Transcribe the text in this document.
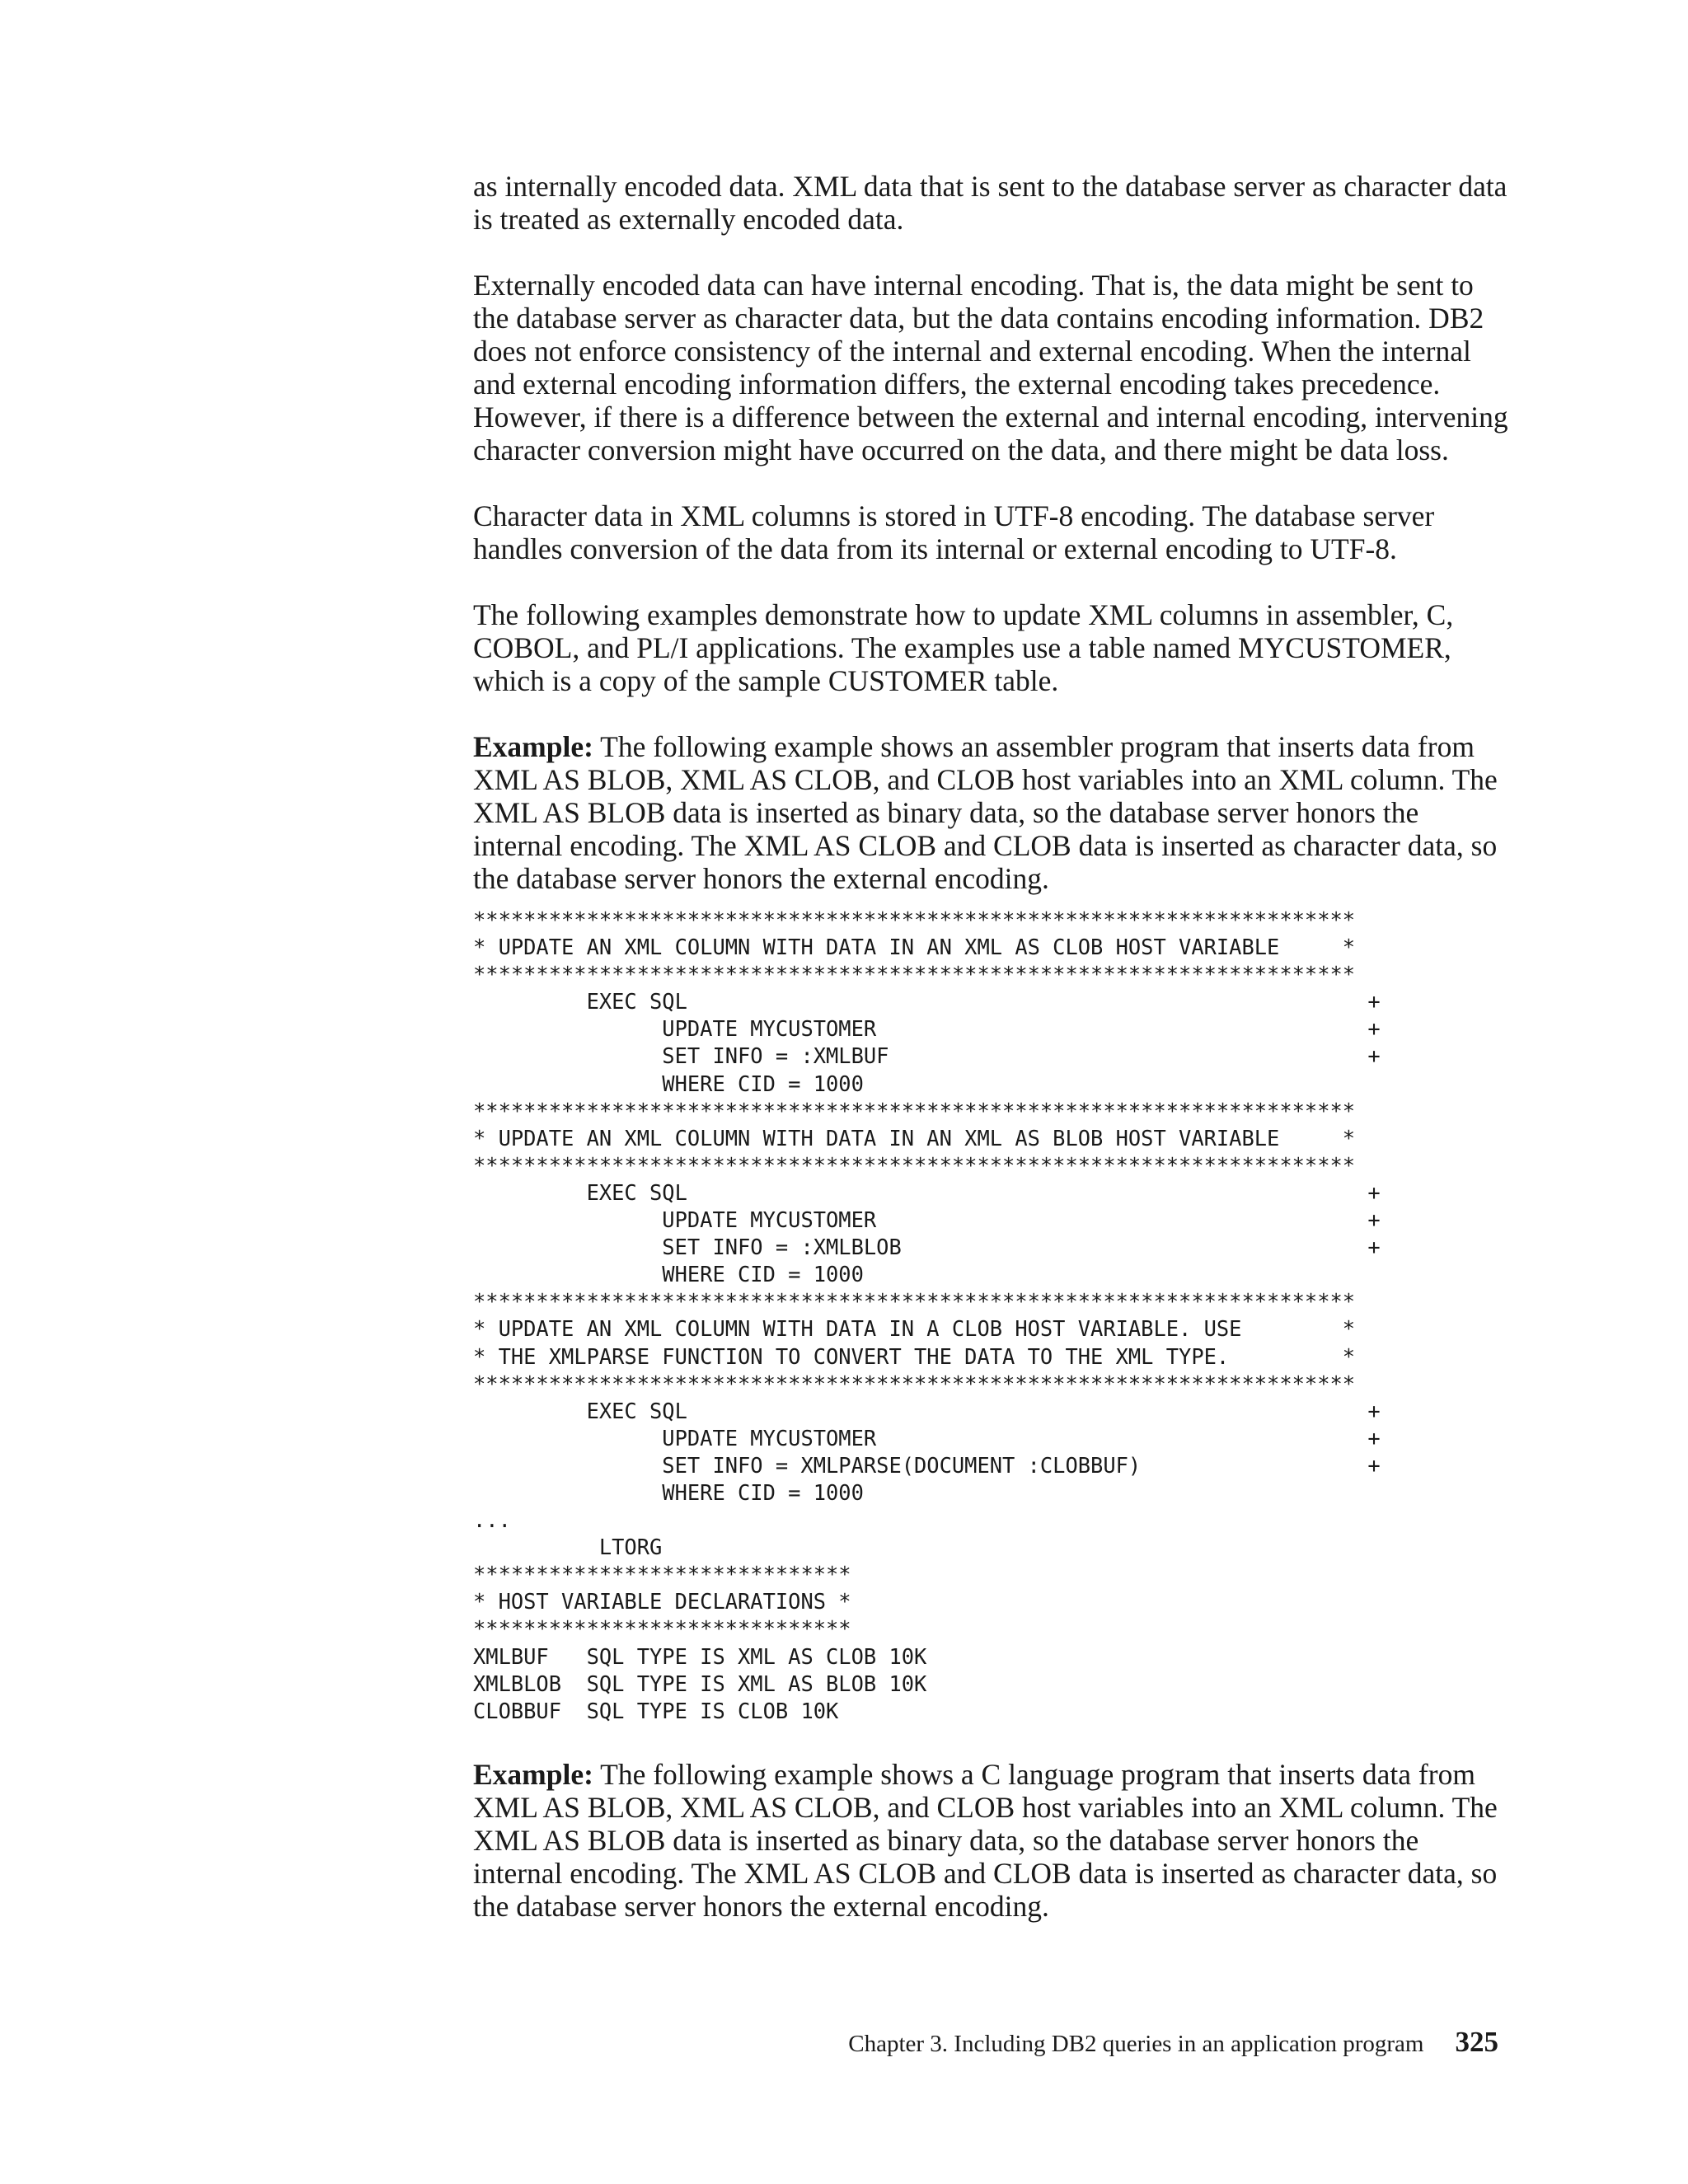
as internally encoded data. XML data that is sent to the database server as character data is treated as externally encoded data.

Externally encoded data can have internal encoding. That is, the data might be sent to the database server as character data, but the data contains encoding information. DB2 does not enforce consistency of the internal and external encoding. When the internal and external encoding information differs, the external encoding takes precedence. However, if there is a difference between the external and internal encoding, intervening character conversion might have occurred on the data, and there might be data loss.

Character data in XML columns is stored in UTF-8 encoding. The database server handles conversion of the data from its internal or external encoding to UTF-8.

The following examples demonstrate how to update XML columns in assembler, C, COBOL, and PL/I applications. The examples use a table named MYCUSTOMER, which is a copy of the sample CUSTOMER table.

Example: The following example shows an assembler program that inserts data from XML AS BLOB, XML AS CLOB, and CLOB host variables into an XML column. The XML AS BLOB data is inserted as binary data, so the database server honors the internal encoding. The XML AS CLOB and CLOB data is inserted as character data, so the database server honors the external encoding.

**********************************************************************
* UPDATE AN XML COLUMN WITH DATA IN AN XML AS CLOB HOST VARIABLE     *
**********************************************************************
EXEC SQL                                                      +
UPDATE MYCUSTOMER                                       +
SET INFO = :XMLBUF                                      +
WHERE CID = 1000
**********************************************************************
* UPDATE AN XML COLUMN WITH DATA IN AN XML AS BLOB HOST VARIABLE     *
**********************************************************************
EXEC SQL                                                      +
UPDATE MYCUSTOMER                                       +
SET INFO = :XMLBLOB                                     +
WHERE CID = 1000
**********************************************************************
* UPDATE AN XML COLUMN WITH DATA IN A CLOB HOST VARIABLE. USE        *
* THE XMLPARSE FUNCTION TO CONVERT THE DATA TO THE XML TYPE.         *
**********************************************************************
EXEC SQL                                                      +
UPDATE MYCUSTOMER                                       +
SET INFO = XMLPARSE(DOCUMENT :CLOBBUF)                  +
WHERE CID = 1000
...
LTORG
******************************
* HOST VARIABLE DECLARATIONS *
******************************
XMLBUF   SQL TYPE IS XML AS CLOB 10K
XMLBLOB  SQL TYPE IS XML AS BLOB 10K
CLOBBUF  SQL TYPE IS CLOB 10K

Example: The following example shows a C language program that inserts data from XML AS BLOB, XML AS CLOB, and CLOB host variables into an XML column. The XML AS BLOB data is inserted as binary data, so the database server honors the internal encoding. The XML AS CLOB and CLOB data is inserted as character data, so the database server honors the external encoding.

Chapter 3. Including DB2 queries in an application program 325
